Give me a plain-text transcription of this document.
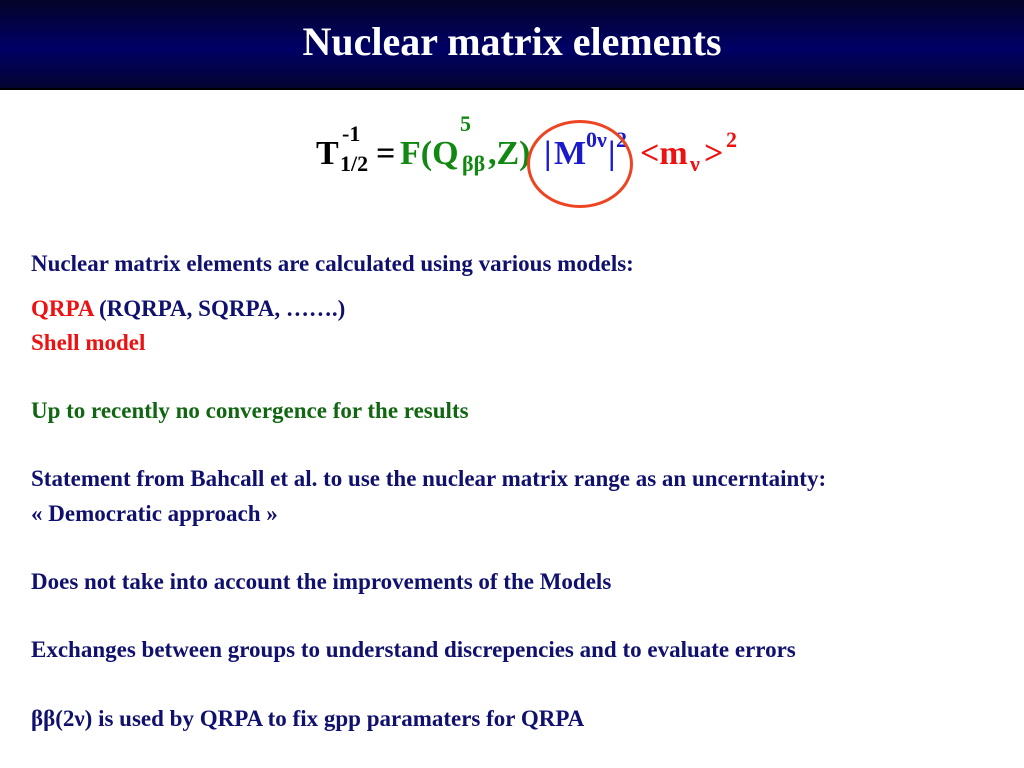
Nuclear matrix elements
T
-1
1/2 = F(Q
5
ββ ,Z) | M 0ν | 2 <m ν > 2
Nuclear matrix elements are calculated using various models:
QRPA (RQRPA, SQRPA, …….)
Shell model
Up to recently no convergence for the results
Statement from Bahcall et al. to use the nuclear matrix range as an uncerntainty:
« Democratic approach »
Does not take into account the improvements of the Models
Exchanges between groups to understand discrepencies and to evaluate errors
ββ(2ν) is used by QRPA to fix gpp paramaters for QRPA
